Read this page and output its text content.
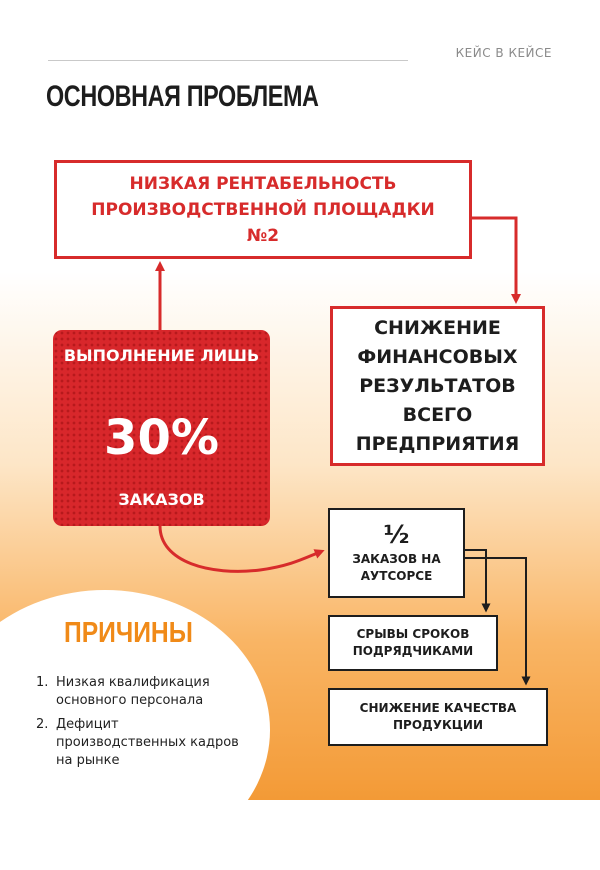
КЕЙС В КЕЙСЕ
ОСНОВНАЯ ПРОБЛЕМА
НИЗКАЯ РЕНТАБЕЛЬНОСТЬ ПРОИЗВОДСТВЕННОЙ ПЛОЩАДКИ №2
СНИЖЕНИЕ ФИНАНСОВЫХ РЕЗУЛЬТАТОВ ВСЕГО ПРЕДПРИЯТИЯ
ВЫПОЛНЕНИЕ ЛИШЬ
30%
ЗАКАЗОВ
½
ЗАКАЗОВ НА АУТСОРСЕ
СРЫВЫ СРОКОВ ПОДРЯДЧИКАМИ
СНИЖЕНИЕ КАЧЕСТВА ПРОДУКЦИИ
ПРИЧИНЫ
1. Низкая квалификация основного персонала
2. Дефицит производственных кадров на рынке
